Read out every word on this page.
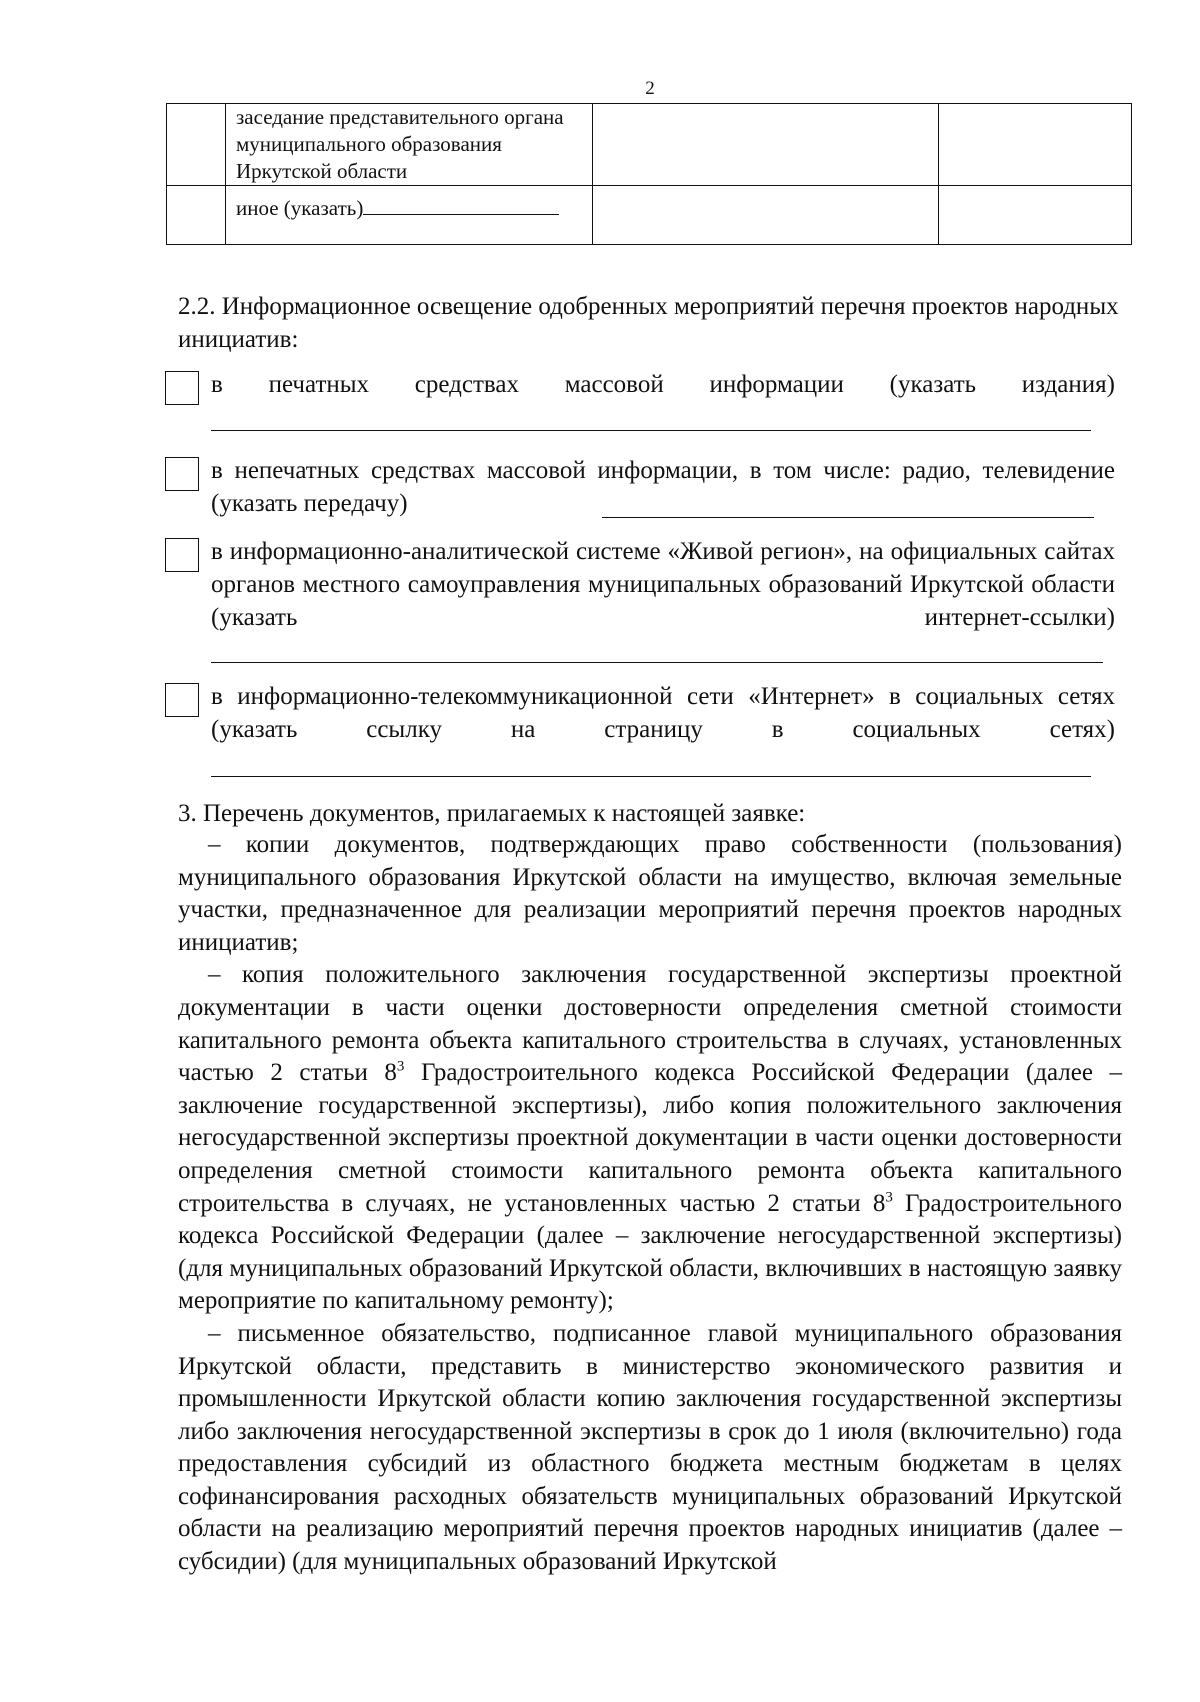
2
	заседание представительного органа муниципального образования Иркутской области		
	иное (указать)		
2.2. Информационное освещение одобренных мероприятий перечня проектов народных инициатив:
в печатных средствах массовой информации (указать издания)
в непечатных средствах массовой информации, в том числе: радио, телевидение (указать передачу)
в информационно-аналитической системе «Живой регион», на официальных сайтах органов местного самоуправления муниципальных образований Иркутской области (указать интернет-ссылки)
в информационно-телекоммуникационной сети «Интернет» в социальных сетях (указать ссылку на страницу в социальных сетях)
3. Перечень документов, прилагаемых к настоящей заявке:

– копии документов, подтверждающих право собственности (пользования) муниципального образования Иркутской области на имущество, включая земельные участки, предназначенное для реализации мероприятий перечня проектов народных инициатив;

– копия положительного заключения государственной экспертизы проектной документации в части оценки достоверности определения сметной стоимости капитального ремонта объекта капитального строительства в случаях, установленных частью 2 статьи $8^3$ Градостроительного кодекса Российской Федерации (далее – заключение государственной экспертизы), либо копия положительного заключения негосударственной экспертизы проектной документации в части оценки достоверности определения сметной стоимости капитального ремонта объекта капитального строительства в случаях, не установленных частью 2 статьи $8^3$ Градостроительного кодекса Российской Федерации (далее – заключение негосударственной экспертизы) (для муниципальных образований Иркутской области, включивших в настоящую заявку мероприятие по капитальному ремонту);

– письменное обязательство, подписанное главой муниципального образования Иркутской области, представить в министерство экономического развития и промышленности Иркутской области копию заключения государственной экспертизы либо заключения негосударственной экспертизы в срок до 1 июля (включительно) года предоставления субсидий из областного бюджета местным бюджетам в целях софинансирования расходных обязательств муниципальных образований Иркутской области на реализацию мероприятий перечня проектов народных инициатив (далее – субсидии) (для муниципальных образований Иркутской
